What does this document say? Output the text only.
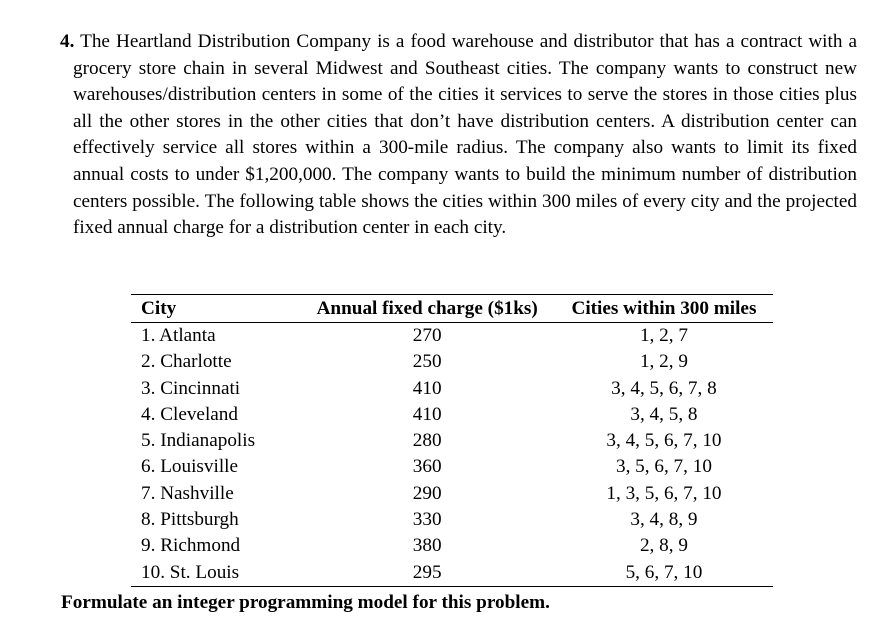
4. The Heartland Distribution Company is a food warehouse and distributor that has a contract with a grocery store chain in several Midwest and Southeast cities. The company wants to construct new warehouses/distribution centers in some of the cities it services to serve the stores in those cities plus all the other stores in the other cities that don’t have distribution centers. A distribution center can effectively service all stores within a 300-mile radius. The company also wants to limit its fixed annual costs to under $1,200,000. The company wants to build the minimum number of distribution centers possible. The following table shows the cities within 300 miles of every city and the projected fixed annual charge for a distribution center in each city.
City	Annual fixed charge ($1ks)	Cities within 300 miles
1. Atlanta	270	1, 2, 7
2. Charlotte	250	1, 2, 9
3. Cincinnati	410	3, 4, 5, 6, 7, 8
4. Cleveland	410	3, 4, 5, 8
5. Indianapolis	280	3, 4, 5, 6, 7, 10
6. Louisville	360	3, 5, 6, 7, 10
7. Nashville	290	1, 3, 5, 6, 7, 10
8. Pittsburgh	330	3, 4, 8, 9
9. Richmond	380	2, 8, 9
10. St. Louis	295	5, 6, 7, 10
Formulate an integer programming model for this problem.
